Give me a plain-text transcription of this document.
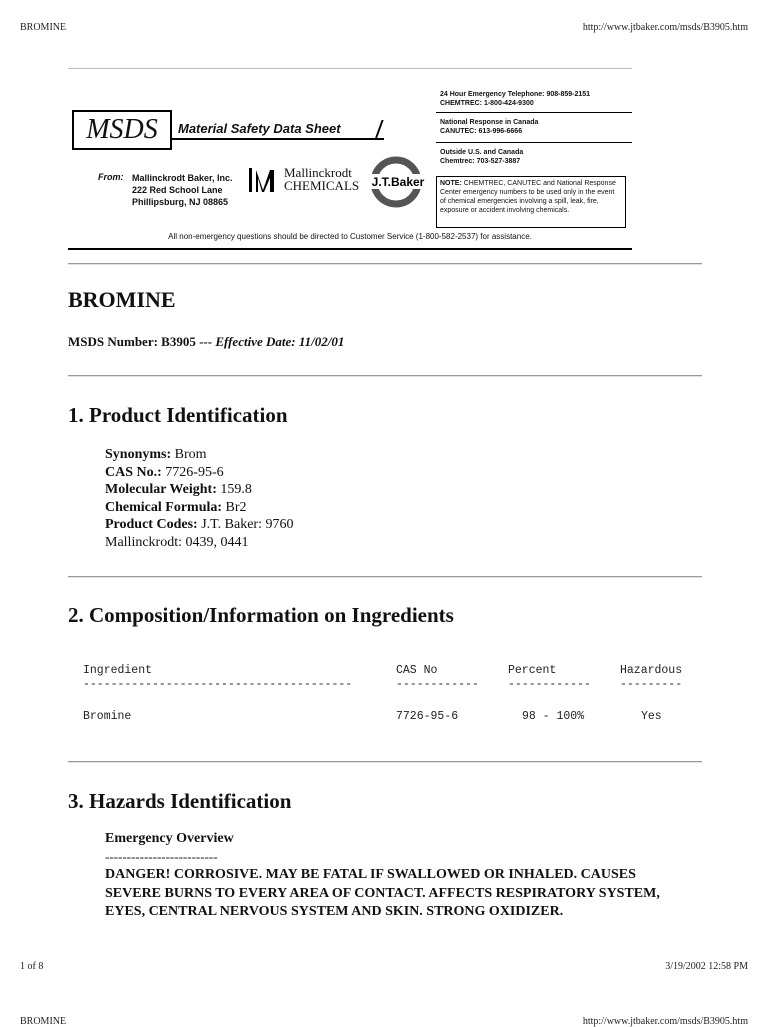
BROMINE	http://www.jtbaker.com/msds/B3905.htm
MSDS	Material Safety Data Sheet
From: Mallinckrodt Baker, Inc.
222 Red School Lane
Phillipsburg, NJ 08865
Mallinckrodt
CHEMICALS J.T.Baker
24 Hour Emergency Telephone: 908-859-2151
CHEMTREC: 1-800-424-9300
National Response in Canada
CANUTEC: 613-996-6666
Outside U.S. and Canada
Chemtrec: 703-527-3887
NOTE: CHEMTREC, CANUTEC and National Response Center emergency numbers to be used only in the event of chemical emergencies involving a spill, leak, fire, exposure or accident involving chemicals.
All non-emergency questions should be directed to Customer Service (1-800-582-2537) for assistance.
BROMINE
MSDS Number: B3905 --- Effective Date: 11/02/01
1. Product Identification
Synonyms: Brom
CAS No.: 7726-95-6
Molecular Weight: 159.8
Chemical Formula: Br2
Product Codes: J.T. Baker: 9760
Mallinckrodt: 0439, 0441
2. Composition/Information on Ingredients
Ingredient	CAS No	Percent	Hazardous
---------------------------------------	------------	------------	---------
Bromine	7726-95-6	98 - 100%	Yes
3. Hazards Identification
Emergency Overview
--------------------------
DANGER! CORROSIVE. MAY BE FATAL IF SWALLOWED OR INHALED. CAUSES SEVERE BURNS TO EVERY AREA OF CONTACT. AFFECTS RESPIRATORY SYSTEM, EYES, CENTRAL NERVOUS SYSTEM AND SKIN. STRONG OXIDIZER.
1 of 8	3/19/2002 12:58 PM
BROMINE	http://www.jtbaker.com/msds/B3905.htm
